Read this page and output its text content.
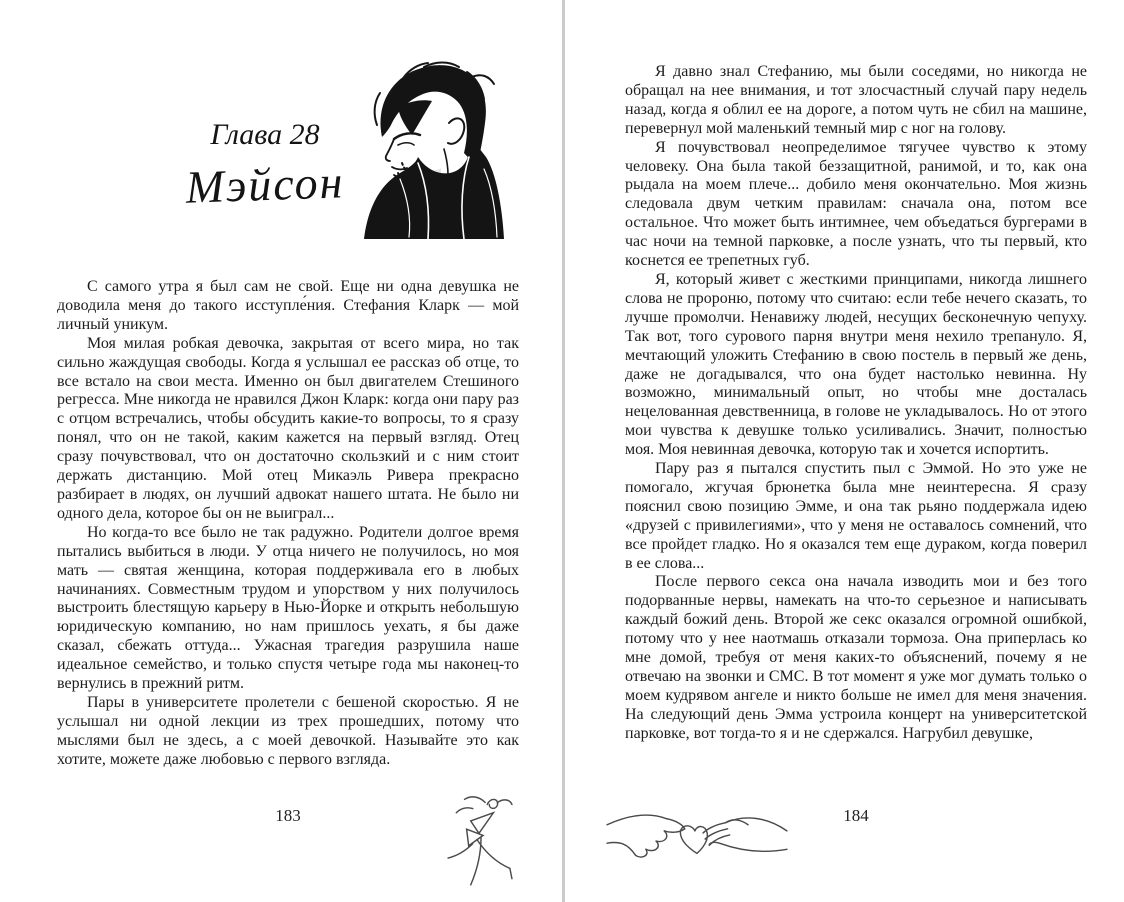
Глава 28
Мэйсон

С самого утра я был сам не свой. Еще ни одна девушка не доводила меня до такого исступле́ния. Стефания Кларк — мой личный уникум.

Моя милая робкая девочка, закрытая от всего мира, но так сильно жаждущая свободы. Когда я услышал ее рассказ об отце, то все встало на свои места. Именно он был двигателем Стешиного регресса. Мне никогда не нравился Джон Кларк: когда они пару раз с отцом встречались, чтобы обсудить какие-то вопросы, то я сразу понял, что он не такой, каким кажется на первый взгляд. Отец сразу почувствовал, что он достаточно скользкий и с ним стоит держать дистанцию. Мой отец Микаэль Ривера прекрасно разбирает в людях, он лучший адвокат нашего штата. Не было ни одного дела, которое бы он не выиграл...

Но когда-то все было не так радужно. Родители долгое время пытались выбиться в люди. У отца ничего не получилось, но моя мать — святая женщина, которая поддерживала его в любых начинаниях. Совместным трудом и упорством у них получилось выстроить блестящую карьеру в Нью-Йорке и открыть небольшую юридическую компанию, но нам пришлось уехать, я бы даже сказал, сбежать оттуда... Ужасная трагедия разрушила наше идеальное семейство, и только спустя четыре года мы наконец-то вернулись в прежний ритм.

Пары в университете пролетели с бешеной скоростью. Я не услышал ни одной лекции из трех прошедших, потому что мыслями был не здесь, а с моей девочкой. Называйте это как хотите, можете даже любовью с первого взгляда.

183

Я давно знал Стефанию, мы были соседями, но никогда не обращал на нее внимания, и тот злосчастный случай пару недель назад, когда я облил ее на дороге, а потом чуть не сбил на машине, перевернул мой маленький темный мир с ног на голову.

Я почувствовал неопределимое тягучее чувство к этому человеку. Она была такой беззащитной, ранимой, и то, как она рыдала на моем плече... добило меня окончательно. Моя жизнь следовала двум четким правилам: сначала она, потом все остальное. Что может быть интимнее, чем объедаться бургерами в час ночи на темной парковке, а после узнать, что ты первый, кто коснется ее трепетных губ.

Я, который живет с жесткими принципами, никогда лишнего слова не пророню, потому что считаю: если тебе нечего сказать, то лучше промолчи. Ненавижу людей, несущих бесконечную чепуху. Так вот, того сурового парня внутри меня нехило трепануло. Я, мечтающий уложить Стефанию в свою постель в первый же день, даже не догадывался, что она будет настолько невинна. Ну возможно, минимальный опыт, но чтобы мне досталась нецелованная девственница, в голове не укладывалось. Но от этого мои чувства к девушке только усиливались. Значит, полностью моя. Моя невинная девочка, которую так и хочется испортить.

Пару раз я пытался спустить пыл с Эммой. Но это уже не помогало, жгучая брюнетка была мне неинтересна. Я сразу пояснил свою позицию Эмме, и она так рьяно поддержала идею «друзей с привилегиями», что у меня не оставалось сомнений, что все пройдет гладко. Но я оказался тем еще дураком, когда поверил в ее слова...

После первого секса она начала изводить мои и без того подорванные нервы, намекать на что-то серьезное и написывать каждый божий день. Второй же секс оказался огромной ошибкой, потому что у нее наотмашь отказали тормоза. Она приперлась ко мне домой, требуя от меня каких-то объяснений, почему я не отвечаю на звонки и СМС. В тот момент я уже мог думать только о моем кудрявом ангеле и никто больше не имел для меня значения. На следующий день Эмма устроила концерт на университетской парковке, вот тогда-то я и не сдержался. Нагрубил девушке,

184
